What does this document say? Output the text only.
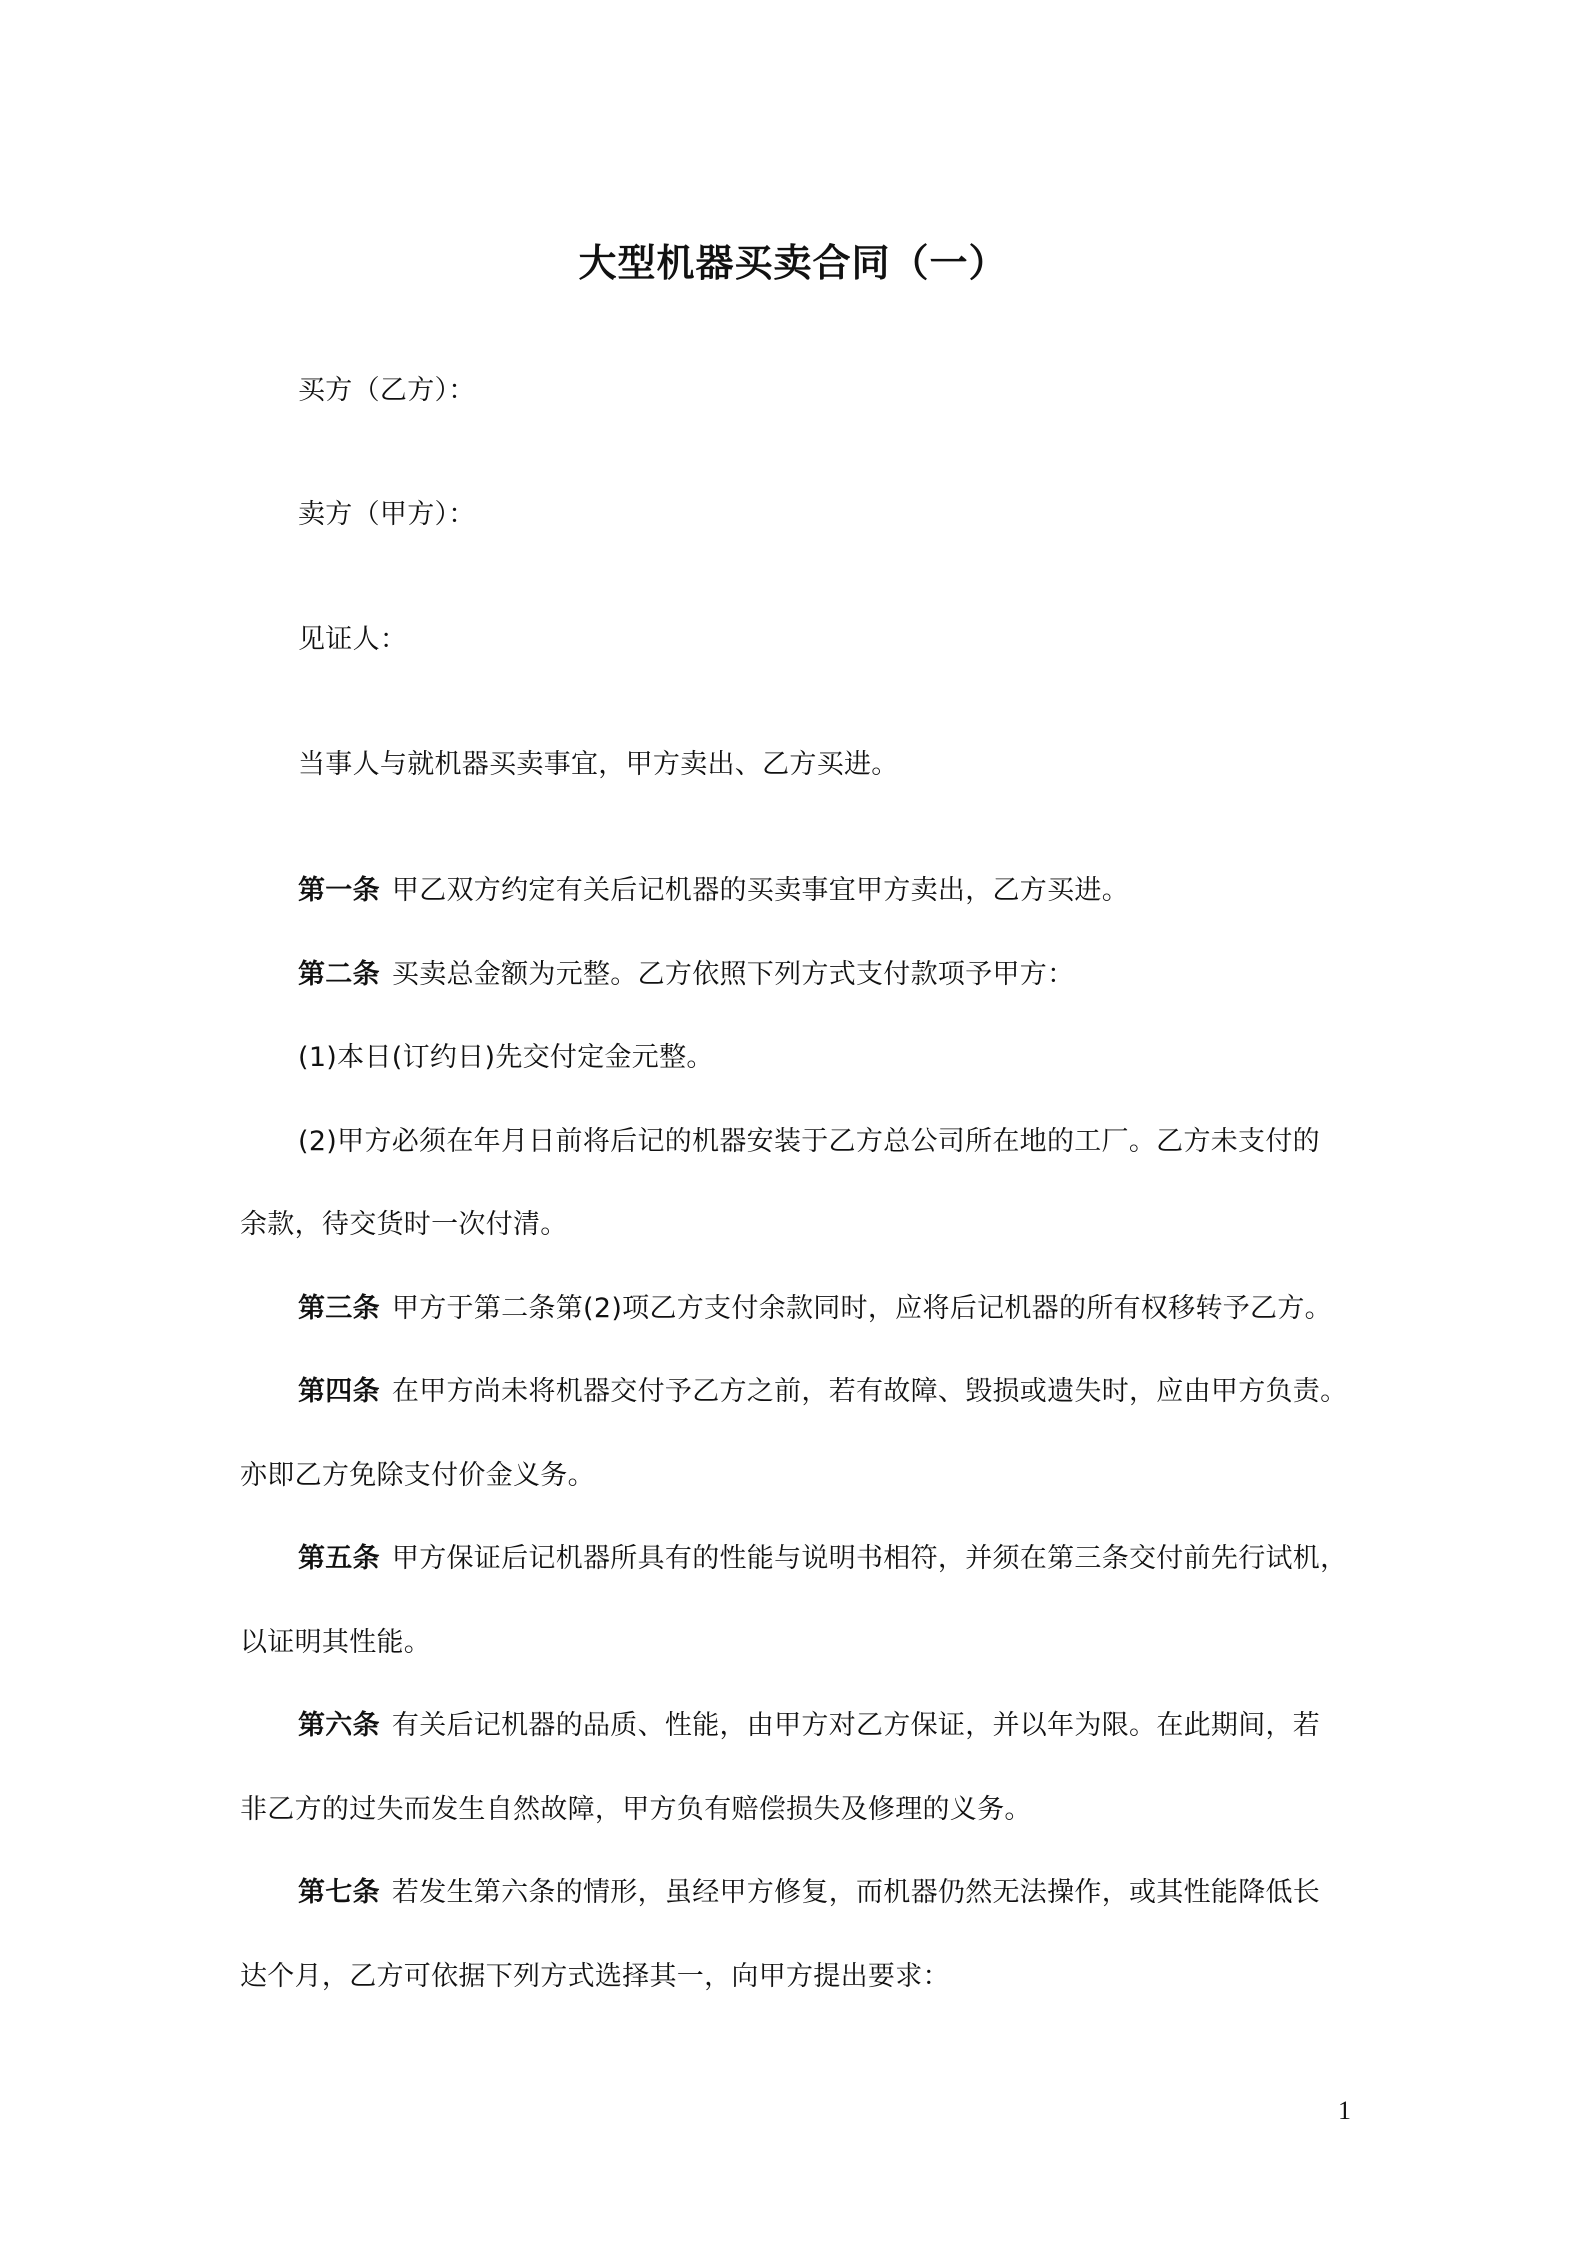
大型机器买卖合同（一）
买方（乙方）：
卖方（甲方）：
见证人：
当事人与就机器买卖事宜，甲方卖出、乙方买进。
第一条 甲乙双方约定有关后记机器的买卖事宜甲方卖出，乙方买进。
第二条 买卖总金额为元整。乙方依照下列方式支付款项予甲方：
(1)本日(订约日)先交付定金元整。
(2)甲方必须在年月日前将后记的机器安装于乙方总公司所在地的工厂。乙方未支付的
余款，待交货时一次付清。
第三条 甲方于第二条第(2)项乙方支付余款同时，应将后记机器的所有权移转予乙方。
第四条 在甲方尚未将机器交付予乙方之前，若有故障、毁损或遗失时，应由甲方负责。
亦即乙方免除支付价金义务。
第五条 甲方保证后记机器所具有的性能与说明书相符，并须在第三条交付前先行试机，
以证明其性能。
第六条 有关后记机器的品质、性能，由甲方对乙方保证，并以年为限。在此期间，若
非乙方的过失而发生自然故障，甲方负有赔偿损失及修理的义务。
第七条 若发生第六条的情形，虽经甲方修复，而机器仍然无法操作，或其性能降低长
达个月，乙方可依据下列方式选择其一，向甲方提出要求：
1
